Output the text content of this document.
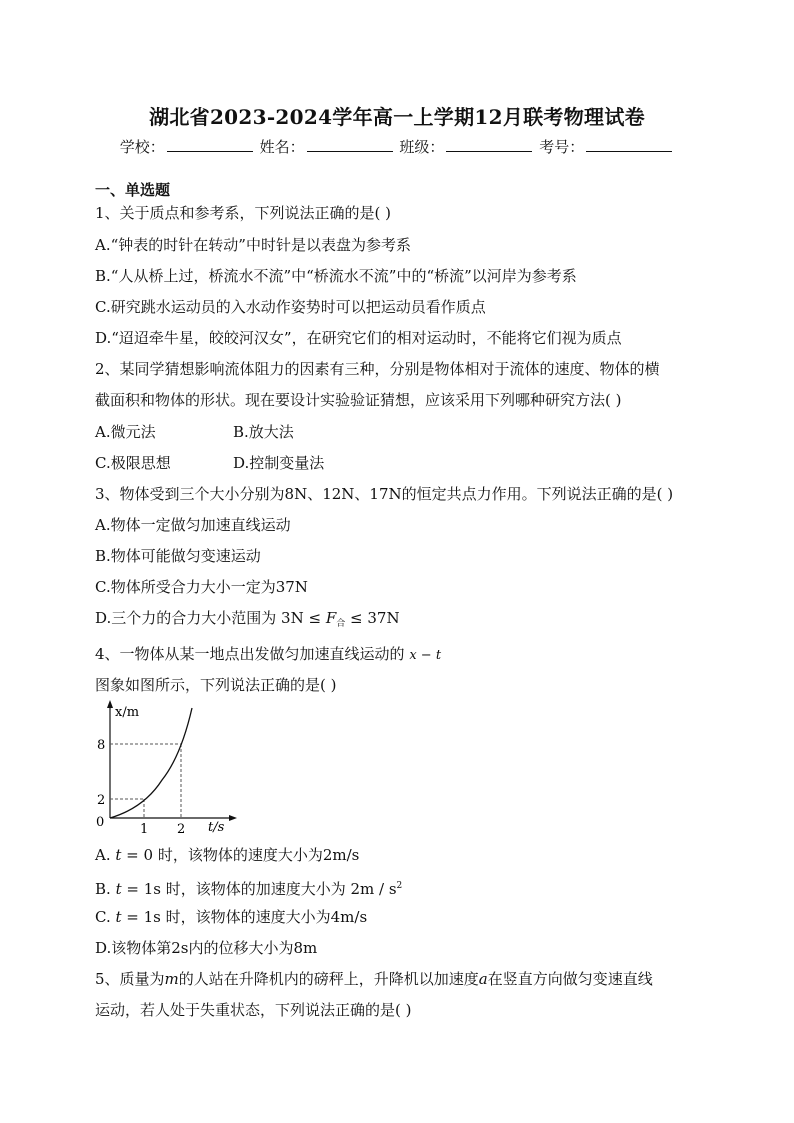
湖北省2023-2024学年高一上学期12月联考物理试卷
学校：	姓名：	班级：	考号：
一、单选题
1、关于质点和参考系，下列说法正确的是( )
A.“钟表的时针在转动”中时针是以表盘为参考系
B.“人从桥上过，桥流水不流”中“桥流水不流”中的“桥流”以河岸为参考系
C.研究跳水运动员的入水动作姿势时可以把运动员看作质点
D.“迢迢牵牛星，皎皎河汉女”，在研究它们的相对运动时，不能将它们视为质点
2、某同学猜想影响流体阻力的因素有三种，分别是物体相对于流体的速度、物体的横
截面积和物体的形状。现在要设计实验验证猜想，应该采用下列哪种研究方法( )
A.微元法	B.放大法
C.极限思想	D.控制变量法
3、物体受到三个大小分别为8N、12N、17N的恒定共点力作用。下列说法正确的是( )
A.物体一定做匀加速直线运动
B.物体可能做匀变速运动
C.物体所受合力大小一定为37N
D.三个力的合力大小范围为 $3N \le F_合 \le 37N$
4、一物体从某一地点出发做匀加速直线运动的 x − t
图象如图所示，下列说法正确的是( )
x/m
t/s
0
2
8
1 2
A. t = 0 时，该物体的速度大小为2m/s
B. t = 1s 时，该物体的加速度大小为 $2m / s^2$
C. t = 1s 时，该物体的速度大小为4m/s
D.该物体第2s内的位移大小为8m
5、质量为m的人站在升降机内的磅秤上，升降机以加速度a在竖直方向做匀变速直线
运动，若人处于失重状态，下列说法正确的是( )
